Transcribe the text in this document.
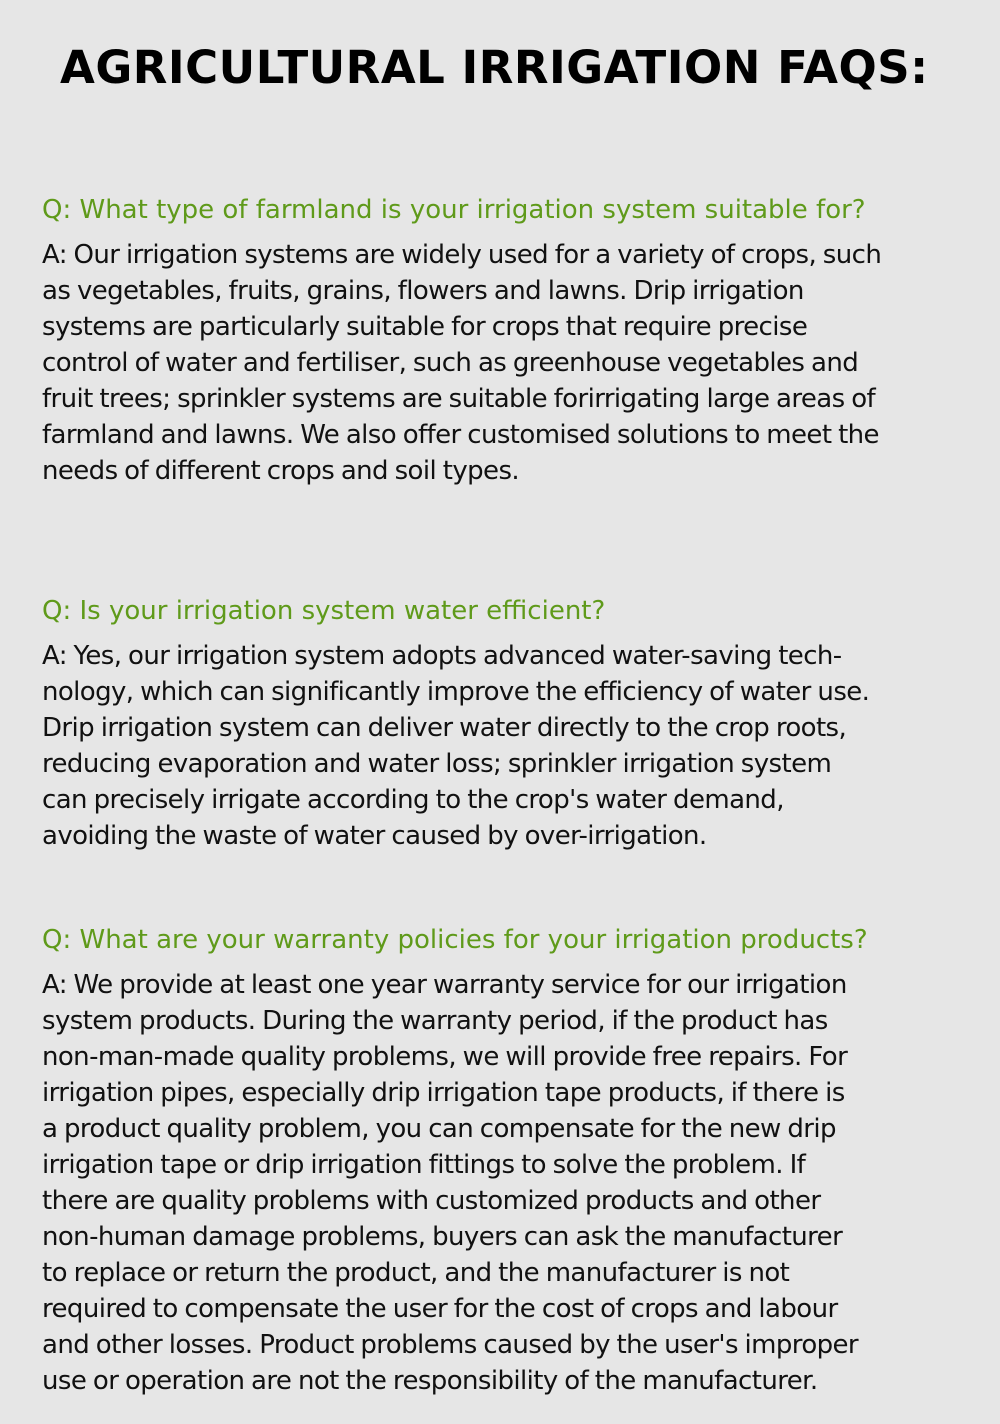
AGRICULTURAL IRRIGATION FAQS:
Q: What type of farmland is your irrigation system suitable for?

A: Our irrigation systems are widely used for a variety of crops, such
as vegetables, fruits, grains, flowers and lawns. Drip irrigation
systems are particularly suitable for crops that require precise
control of water and fertiliser, such as greenhouse vegetables and
fruit trees; sprinkler systems are suitable forirrigating large areas of
farmland and lawns. We also offer customised solutions to meet the
needs of different crops and soil types.

Q: Is your irrigation system water efficient?

A: Yes, our irrigation system adopts advanced water-saving tech-
nology, which can significantly improve the efficiency of water use.
Drip irrigation system can deliver water directly to the crop roots,
reducing evaporation and water loss; sprinkler irrigation system
can precisely irrigate according to the crop's water demand,
avoiding the waste of water caused by over-irrigation.

Q: What are your warranty policies for your irrigation products?

A: We provide at least one year warranty service for our irrigation
system products. During the warranty period, if the product has
non-man-made quality problems, we will provide free repairs. For
irrigation pipes, especially drip irrigation tape products, if there is
a product quality problem, you can compensate for the new drip
irrigation tape or drip irrigation fittings to solve the problem. If
there are quality problems with customized products and other
non-human damage problems, buyers can ask the manufacturer
to replace or return the product, and the manufacturer is not
required to compensate the user for the cost of crops and labour
and other losses. Product problems caused by the user's improper
use or operation are not the responsibility of the manufacturer.
